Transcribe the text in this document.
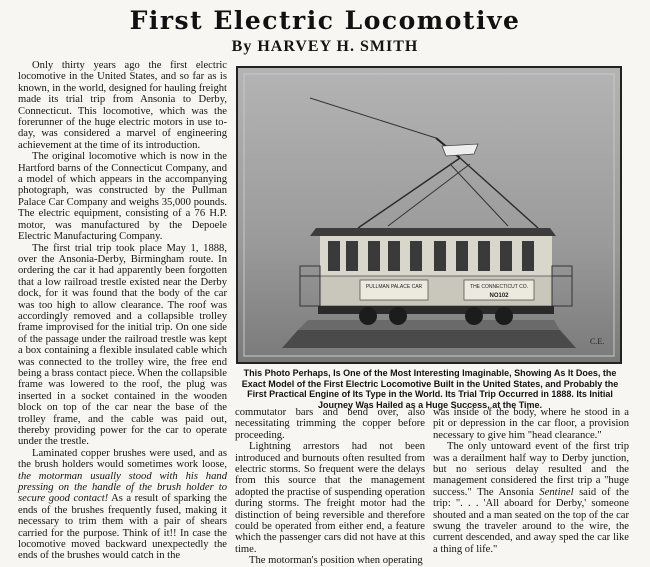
First Electric Locomotive
By HARVEY H. SMITH

Only thirty years ago the first electric locomotive in the United States, and so far as is known, in the world, designed for hauling freight made its trial trip from Ansonia to Derby, Connecticut. This locomotive, which was the forerunner of the huge electric motors in use to-day, was considered a marvel of engineering achievement at the time of its introduction.

The original locomotive which is now in the Hartford barns of the Connecticut Company, and a model of which appears in the accompanying photograph, was constructed by the Pullman Palace Car Company and weighs 35,000 pounds. The electric equipment, consisting of a 76 H.P. motor, was manufactured by the Depoele Electric Manufacturing Company.

The first trial trip took place May 1, 1888, over the Ansonia-Derby, Birmingham route. In ordering the car it had apparently been forgotten that a low railroad trestle existed near the Derby dock, for it was found that the body of the car was too high to allow clearance. The roof was accordingly removed and a collapsible trolley frame improvised for the initial trip. On one side of the passage under the railroad trestle was kept a box containing a flexible insulated cable which was connected to the trolley wire, the free end being a brass contact piece. When the collapsible frame was lowered to the roof, the plug was inserted in a socket contained in the wooden block on top of the car near the base of the trolley frame, and the cable was paid out, thereby providing power for the car to operate under the trestle.

Laminated copper brushes were used, and as the brush holders would sometimes work loose, the motorman usually stood with his hand pressing on the handle of the brush holder to secure good contact! As a result of sparking the ends of the brushes frequently fused, making it necessary to trim them with a pair of shears carried for the purpose. Think of it!! In case the locomotive moved backward unexpectedly the ends of the brushes would catch in the

PULLMAN PALACE CAR	THE CONNECTICUT CO.
NO102
C.E.

This Photo Perhaps, Is One of the Most Interesting Imaginable, Showing As It Does, the Exact Model of the First Electric Locomotive Built in the United States, and Probably the First Practical Engine of Its Type in the World. Its Trial Trip Occurred in 1888. Its Initial Journey Was Hailed as a Huge Success, at the Time.

commutator bars and bend over, also necessitating trimming the copper before proceeding.

Lightning arrestors had not been introduced and burnouts often resulted from electric storms. So frequent were the delays from this source that the management adopted the practise of suspending operation during storms. The freight motor had the distinction of being reversible and therefore could be operated from either end, a feature which the passenger cars did not have at this time.

The motorman's position when operating

was inside of the body, where he stood in a pit or depression in the car floor, a provision necessary to give him "head clearance."

The only untoward event of the first trip was a derailment half way to Derby junction, but no serious delay resulted and the management considered the first trip a "huge success." The Ansonia Sentinel said of the trip: ". . . 'All aboard for Derby,' someone shouted and a man seated on the top of the car swung the traveler around to the wire, the current descended, and away sped the car like a thing of life."
